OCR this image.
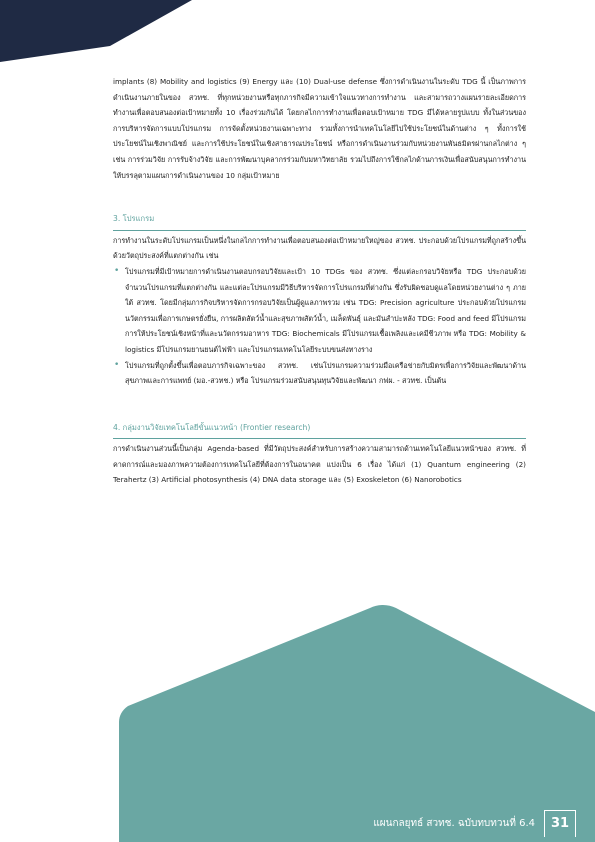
implants (8) Mobility and logistics (9) Energy และ (10) Dual-use defense ซึ่งการดำเนินงานในระดับ TDG นี้ เป็นภาพการดำเนินงานภายในของ สวทช. ที่ทุกหน่วยงานหรือทุกภารกิจมีความเข้าใจแนวทางการทำงาน และสามารถวางแผนรายละเอียดการทำงานเพื่อตอบสนองต่อเป้าหมายทั้ง 10 เรื่องร่วมกันได้ โดยกลไกการทำงานเพื่อตอบเป้าหมาย TDG มีได้หลายรูปแบบ ทั้งในส่วนของการบริหารจัดการแบบโปรแกรม การจัดตั้งหน่วยงานเฉพาะทาง รวมทั้งการนำเทคโนโลยีไปใช้ประโยชน์ในด้านต่าง ๆ ทั้งการใช้ประโยชน์ในเชิงพาณิชย์ และการใช้ประโยชน์ในเชิงสาธารณประโยชน์ หรือการดำเนินงานร่วมกับหน่วยงานพันธมิตรผ่านกลไกต่าง ๆ เช่น การร่วมวิจัย การรับจ้างวิจัย และการพัฒนาบุคลากรร่วมกับมหาวิทยาลัย รวมไปถึงการใช้กลไกด้านการเงินเพื่อสนับสนุนการทำงานให้บรรลุตามแผนการดำเนินงานของ 10 กลุ่มเป้าหมาย

3. โปรแกรม

การทำงานในระดับโปรแกรมเป็นหนึ่งในกลไกการทำงานเพื่อตอบสนองต่อเป้าหมายใหญ่ของ สวทช. ประกอบด้วยโปรแกรมที่ถูกสร้างขึ้นด้วยวัตถุประสงค์ที่แตกต่างกัน เช่น

• โปรแกรมที่มีเป้าหมายการดำเนินงานตอบกรอบวิจัยและเป้า 10 TDGs ของ สวทช. ซึ่งแต่ละกรอบวิจัยหรือ TDG ประกอบด้วยจำนวนโปรแกรมที่แตกต่างกัน และแต่ละโปรแกรมมีวิธีบริหารจัดการโปรแกรมที่ต่างกัน ซึ่งรับผิดชอบดูแลโดยหน่วยงานต่าง ๆ ภายใต้ สวทช. โดยมีกลุ่มภารกิจบริหารจัดการกรอบวิจัยเป็นผู้ดูแลภาพรวม เช่น TDG: Precision agriculture ประกอบด้วยโปรแกรมนวัตกรรมเพื่อการเกษตรยั่งยืน, การผลิตสัตว์น้ำและสุขภาพสัตว์น้ำ, เมล็ดพันธุ์ และมันสำปะหลัง TDG: Food and feed มีโปรแกรมการให้ประโยชน์เชิงหน้าที่และนวัตกรรมอาหาร TDG: Biochemicals มีโปรแกรมเชื้อเพลิงและเคมีชีวภาพ หรือ TDG: Mobility & logistics มีโปรแกรมยานยนต์ไฟฟ้า และโปรแกรมเทคโนโลยีระบบขนส่งทางราง
• โปรแกรมที่ถูกตั้งขึ้นเพื่อตอบภารกิจเฉพาะของ สวทช. เช่นโปรแกรมความร่วมมือเครือข่ายกับมิตรเพื่อการวิจัยและพัฒนาด้านสุขภาพและการแพทย์ (มอ.-สวทช.) หรือ โปรแกรมร่วมสนับสนุนทุนวิจัยและพัฒนา กฟผ. - สวทช. เป็นต้น
4. กลุ่มงานวิจัยเทคโนโลยีขั้นแนวหน้า (Frontier research)

การดำเนินงานส่วนนี้เป็นกลุ่ม Agenda-based ที่มีวัตถุประสงค์สำหรับการสร้างความสามารถด้านเทคโนโลยีแนวหน้าของ สวทช. ที่คาดการณ์และมองภาพความต้องการเทคโนโลยีที่ต้องการในอนาคต แบ่งเป็น 6 เรื่อง ได้แก่ (1) Quantum engineering (2) Terahertz (3) Artificial photosynthesis (4) DNA data storage และ (5) Exoskeleton (6) Nanorobotics

แผนกลยุทธ์ สวทช. ฉบับทบทวนที่ 6.4	31
